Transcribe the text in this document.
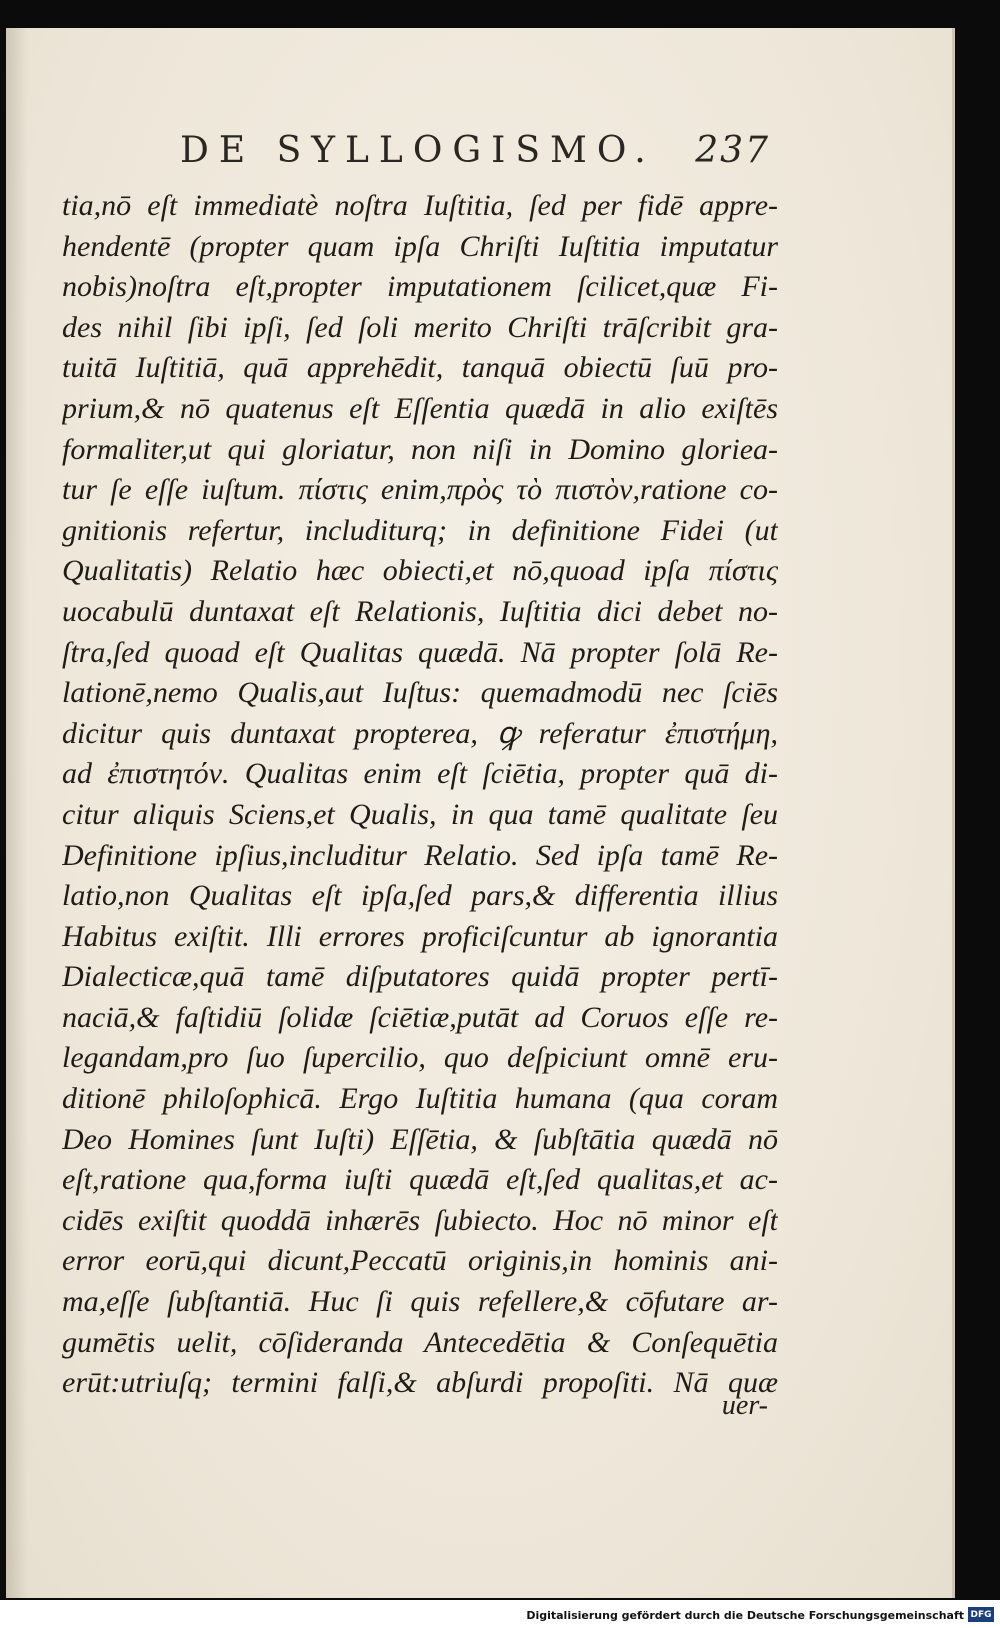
DE SYLLOGISMO. 237
tia,nō eſt immediatè noſtra Iuſtitia, ſed per fidē appre-
hendentē (propter quam ipſa Chriſti Iuſtitia imputatur
nobis)noſtra eſt,propter imputationem ſcilicet,quæ Fi-
des nihil ſibi ipſi, ſed ſoli merito Chriſti trāſcribit gra-
tuitā Iuſtitiā, quā apprehēdit, tanquā obiectū ſuū pro-
prium,& nō quatenus eſt Eſſentia quædā in alio exiſtēs
formaliter,ut qui gloriatur, non niſi in Domino gloriea-
tur ſe eſſe iuſtum. πίστις enim,πρὸς τὸ πιστὸν,ratione co-
gnitionis refertur, includiturq; in definitione Fidei (ut
Qualitatis) Relatio hæc obiecti,et nō,quoad ipſa πίστις
uocabulū duntaxat eſt Relationis, Iuſtitia dici debet no-
ſtra,ſed quoad eſt Qualitas quædā. Nā propter ſolā Re-
lationē,nemo Qualis,aut Iuſtus: quemadmodū nec ſciēs
dicitur quis duntaxat propterea, ꝙ referatur ἐπιστήμη,
ad ἐπιστητόν. Qualitas enim eſt ſciētia, propter quā di-
citur aliquis Sciens,et Qualis, in qua tamē qualitate ſeu
Definitione ipſius,includitur Relatio. Sed ipſa tamē Re-
latio,non Qualitas eſt ipſa,ſed pars,& differentia illius
Habitus exiſtit. Illi errores proficiſcuntur ab ignorantia
Dialecticæ,quā tamē diſputatores quidā propter pertī-
naciā,& faſtidiū ſolidæ ſciētiæ,putāt ad Coruos eſſe re-
legandam,pro ſuo ſupercilio, quo deſpiciunt omnē eru-
ditionē philoſophicā. Ergo Iuſtitia humana (qua coram
Deo Homines ſunt Iuſti) Eſſētia, & ſubſtātia quædā nō
eſt,ratione qua,forma iuſti quædā eſt,ſed qualitas,et ac-
cidēs exiſtit quoddā inhærēs ſubiecto. Hoc nō minor eſt
error eorū,qui dicunt,Peccatū originis,in hominis ani-
ma,eſſe ſubſtantiā. Huc ſi quis refellere,& cōfutare ar-
gumētis uelit, cōſideranda Antecedētia & Conſequētia
erūt:utriuſq; termini falſi,& abſurdi propoſiti. Nā quæ
uer-
Digitalisierung gefördert durch die Deutsche Forschungsgemeinschaft DFG
